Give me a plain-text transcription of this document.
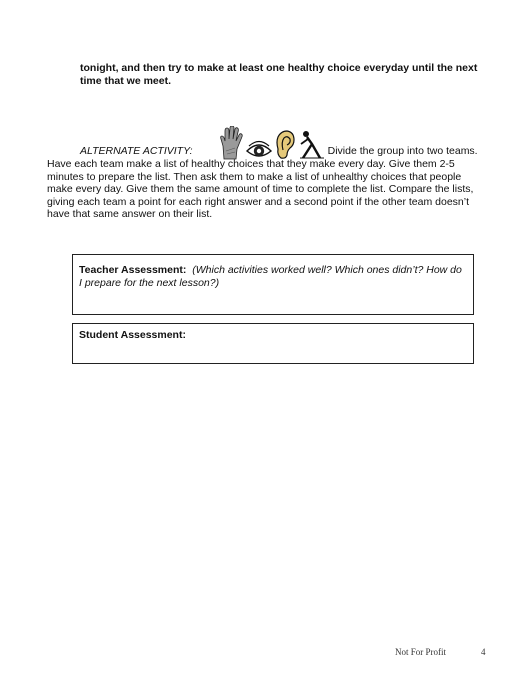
tonight, and then try to make at least one healthy choice everyday until the next time that we meet.
ALTERNATE ACTIVITY:	Divide the group into two teams.
Have each team make a list of healthy choices that they make every day. Give them 2-5 minutes to prepare the list. Then ask them to make a list of unhealthy choices that people make every day. Give them the same amount of time to complete the list. Compare the lists, giving each team a point for each right answer and a second point if the other team doesn’t have that same answer on their list.
Teacher Assessment: (Which activities worked well? Which ones didn’t? How do I prepare for the next lesson?)
Student Assessment:
Not For Profit	4
